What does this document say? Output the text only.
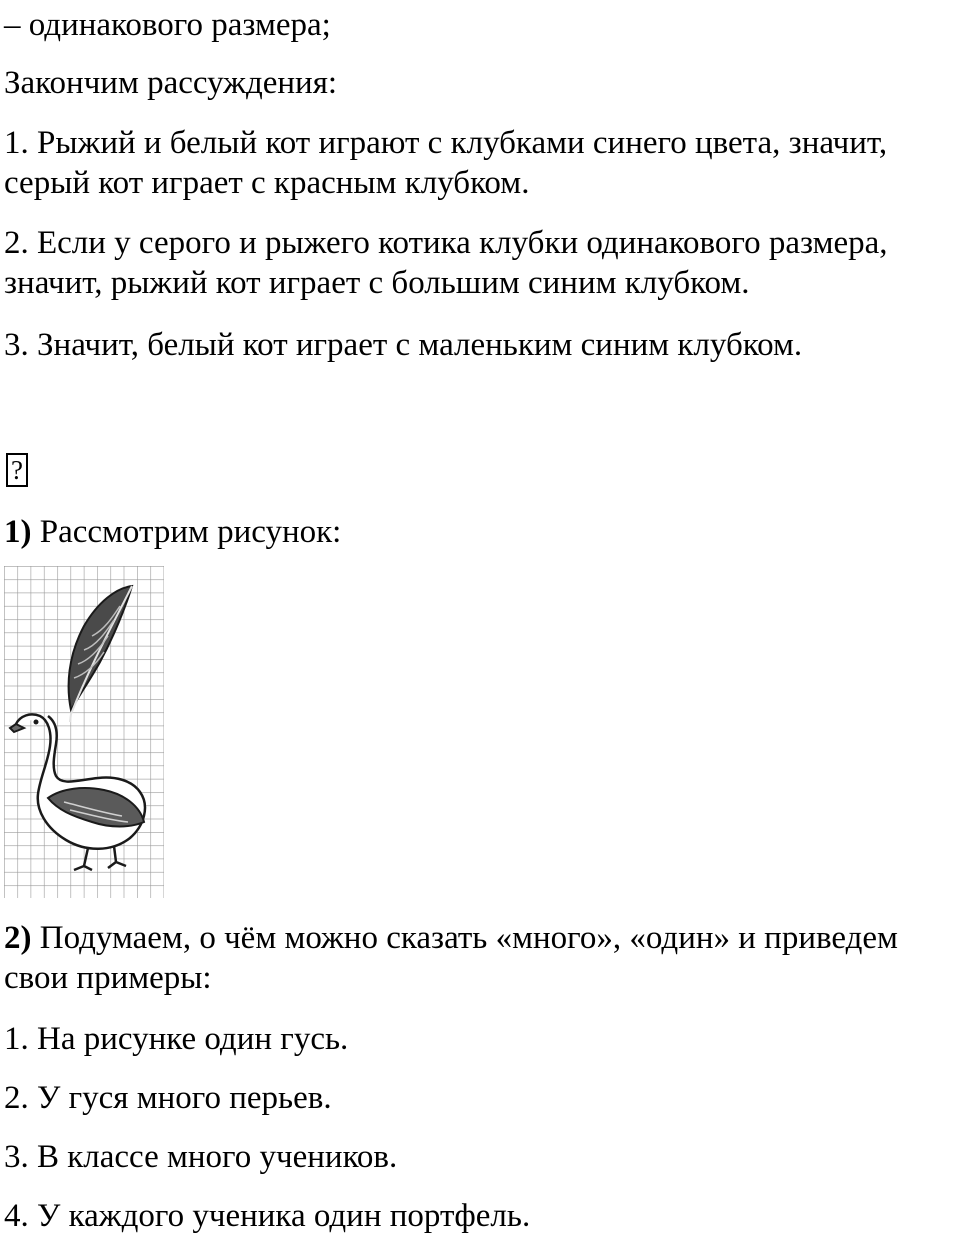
– одинакового размера;

Закончим рассуждения:

1. Рыжий и белый кот играют с клубками синего цвета, значит, серый кот играет с красным клубком.

2. Если у серого и рыжего котика клубки одинакового размера, значит, рыжий кот играет с большим синим клубком.

3. Значит, белый кот играет с маленьким синим клубком.

?

1) Рассмотрим рисунок:

2) Подумаем, о чём можно сказать «много», «один» и приведем свои примеры:

1. На рисунке один гусь.

2. У гуся много перьев.

3. В классе много учеников.

4. У каждого ученика один портфель.
